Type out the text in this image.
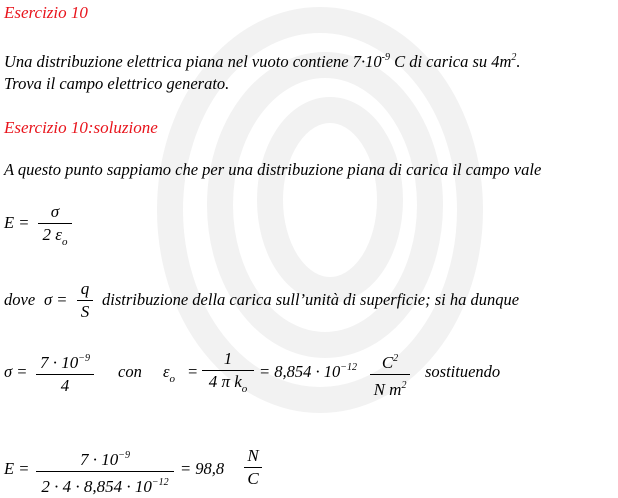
Esercizio 10
Una distribuzione elettrica piana nel vuoto contiene $7\cdot 10^{-9}$ C di carica su $4m^2$.
Trova il campo elettrico generato.
Esercizio 10:soluzione
A questo punto sappiamo che per una distribuzione piana di carica il campo vale
E =
σ
2 $\varepsilon_o$
dove σ =
q
S
distribuzione della carica sull’unità di superficie; si ha dunque
$\sigma = 7 \cdot 10^{-9}$
4
con $\varepsilon_o$ =
1
4 π $k_o$
= $8,854 \cdot 10^{-12}$ $C^2$
N $m^2$
sostituendo
E =	$7 \cdot 10^{-9}$
$2 \cdot 4 \cdot 8,854 \cdot 10^{-12}$
= 98,8
N
C
